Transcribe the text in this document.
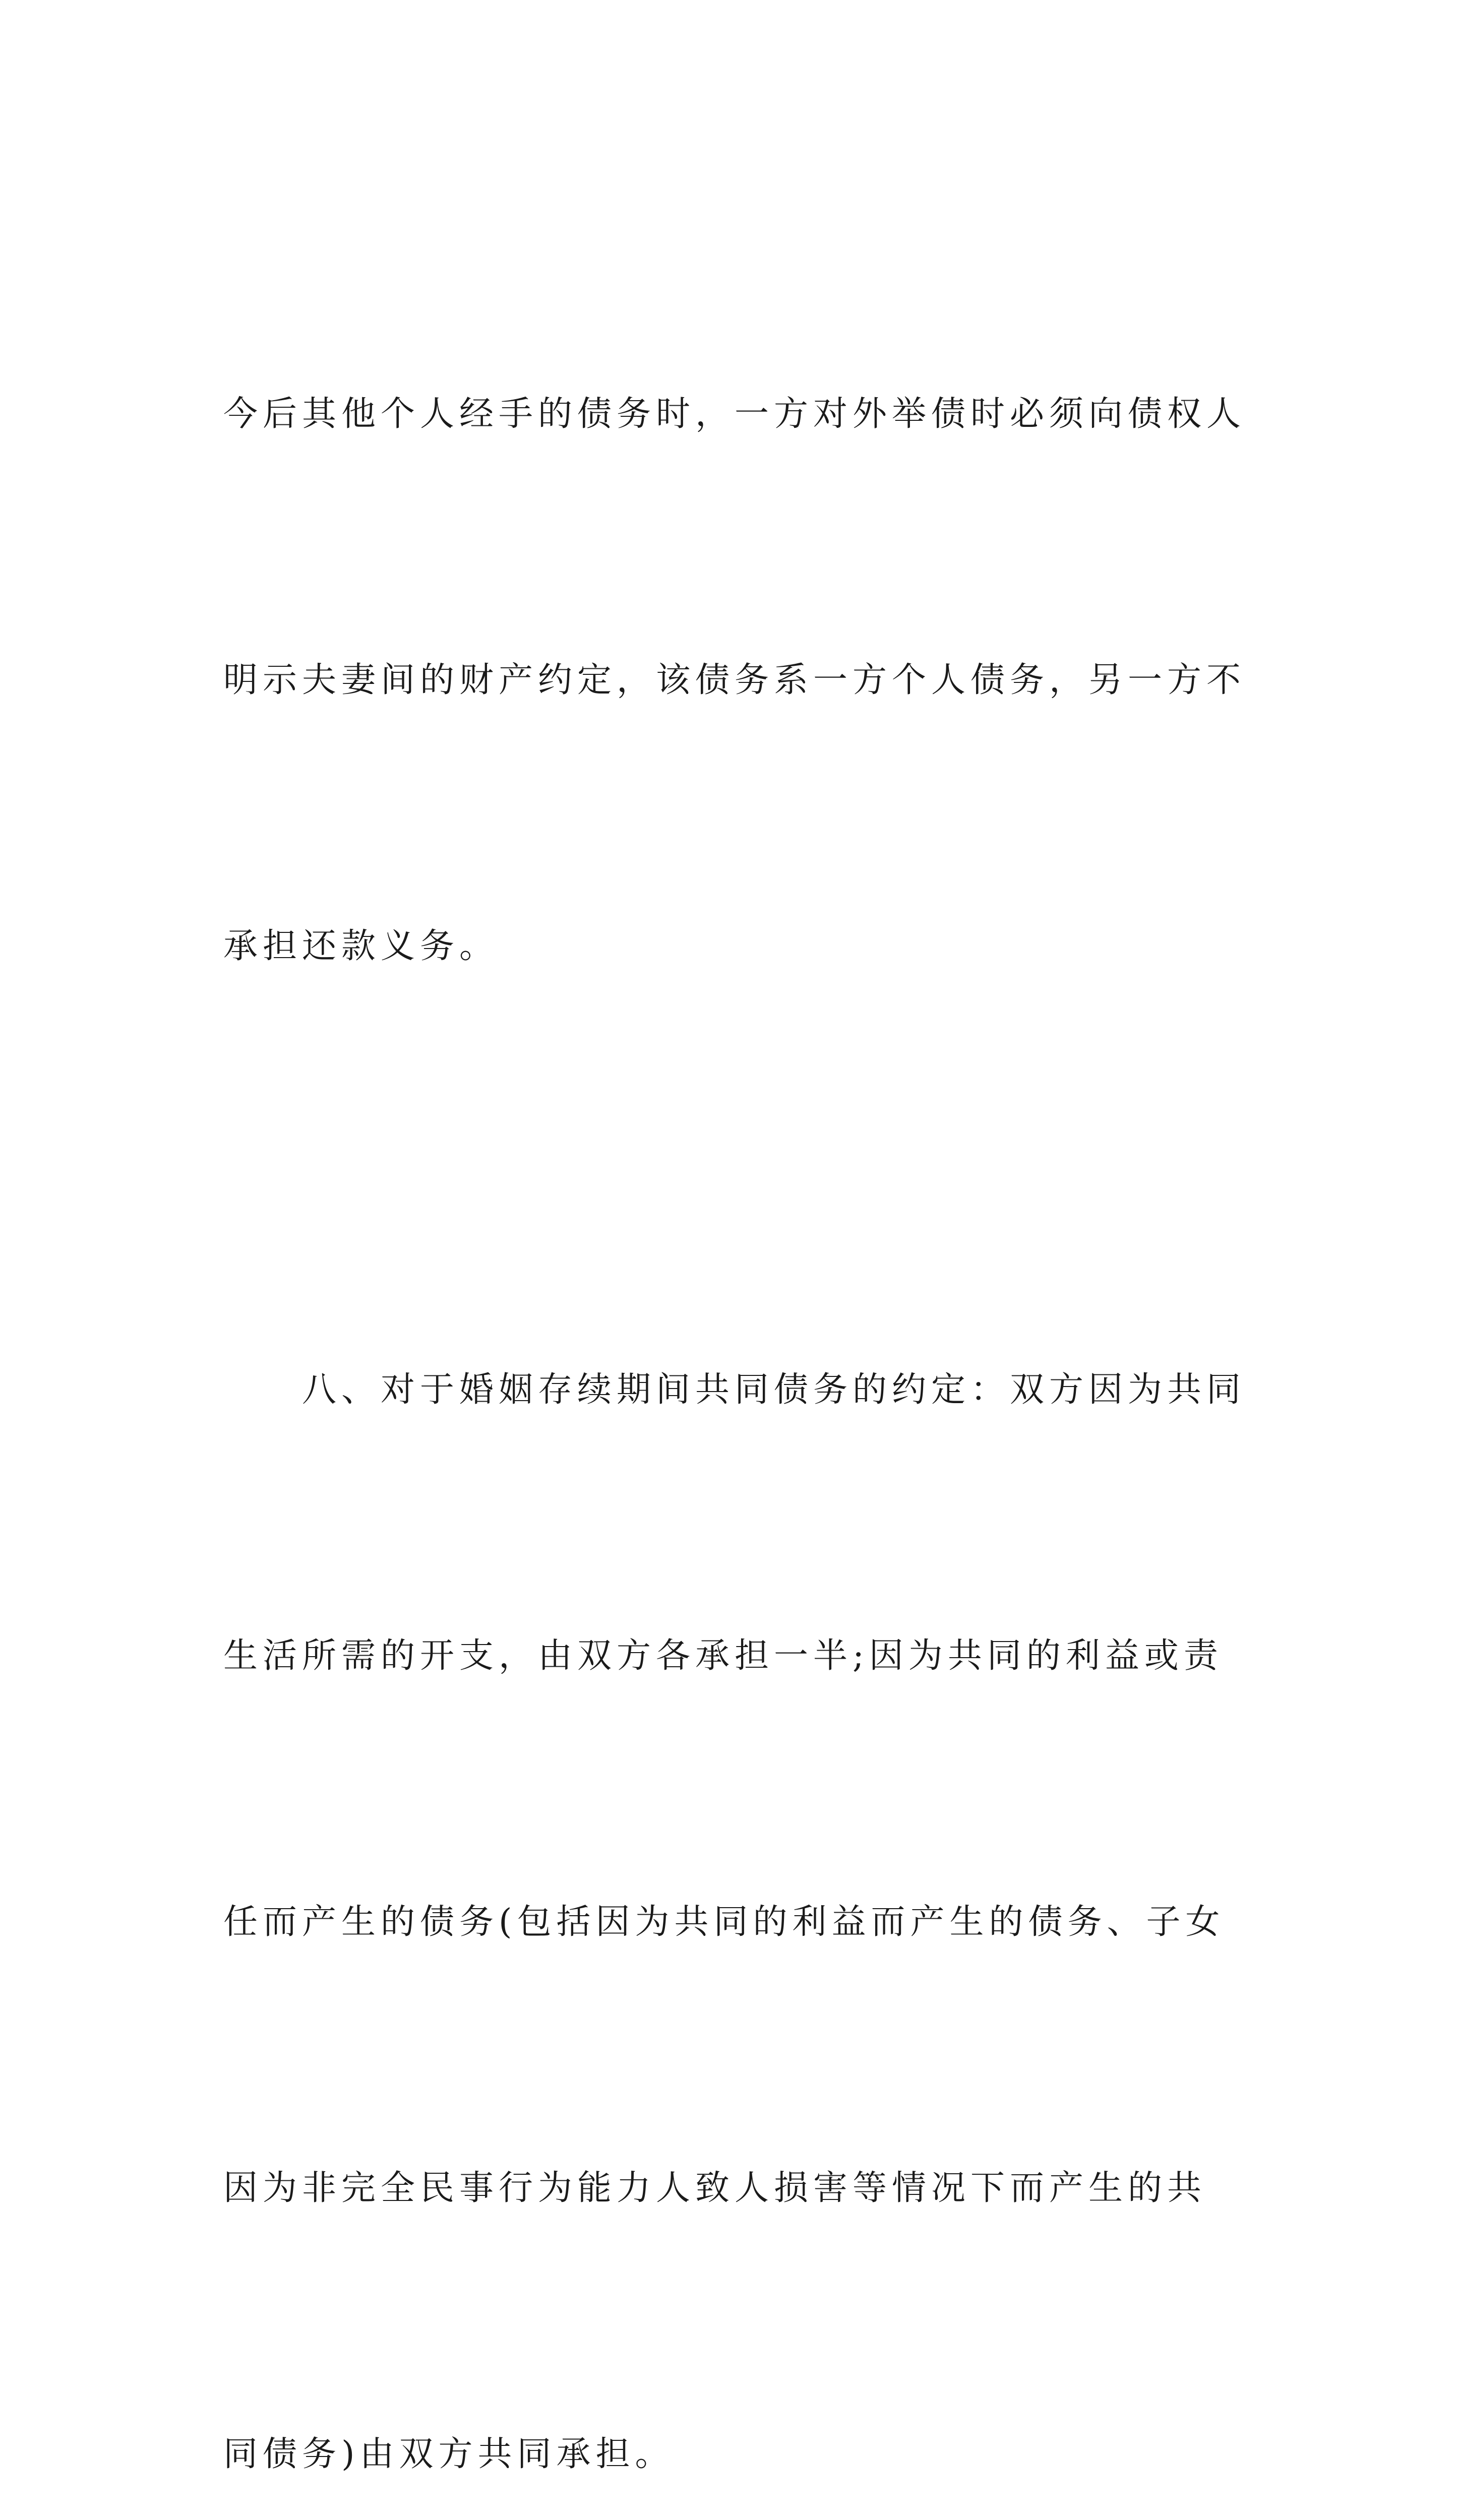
今后其他个人经手的债务时，一方对外举债时必须向债权人

明示夫妻间的财产约定，该债务系一方个人债务，另一方不

承担还款义务。

八、对于婚姻存续期间共同债务的约定：双方因为共同

生活所需的开支，由双方各承担一半;因为共同的利益或责

任而产生的债务(包括因为共同的利益而产生的债务、子女

因为非完全民事行为能力人致人损害等情况下而产生的共

同债务)由双方共同承担。
